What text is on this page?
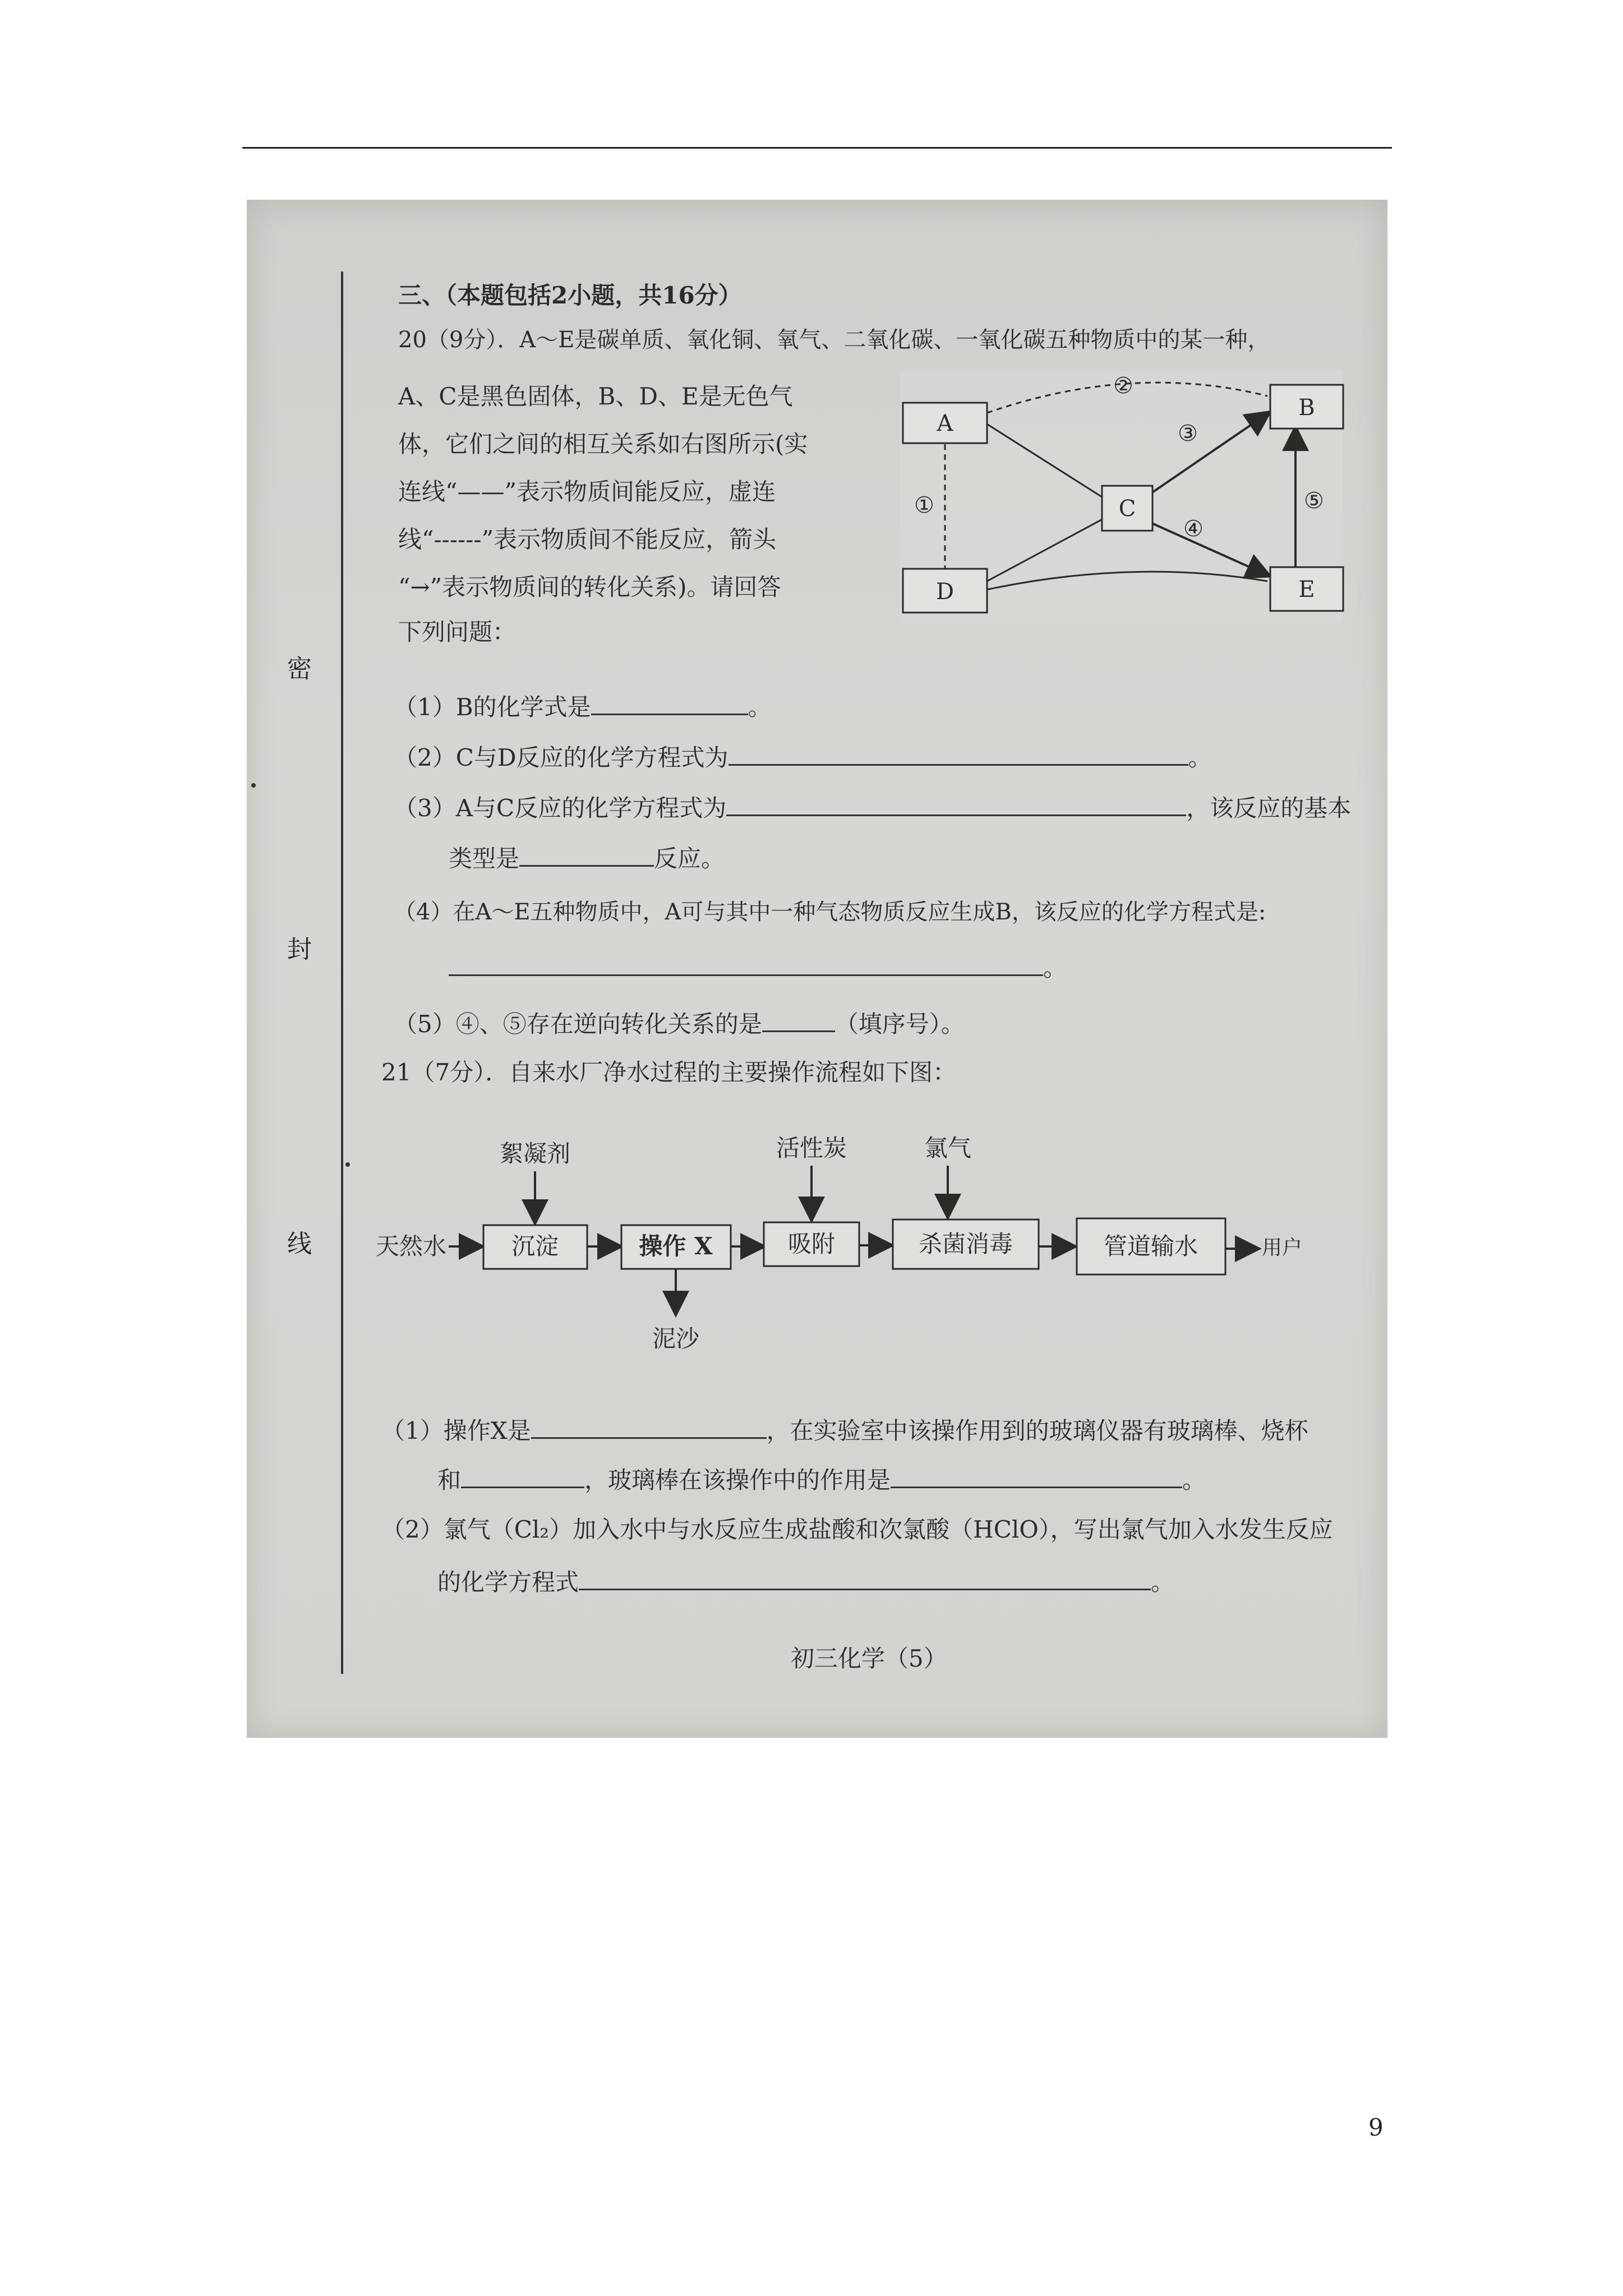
密
封
线
三、（本题包括2小题，共16分）
20（9分）．A～E是碳单质、氧化铜、氧气、二氧化碳、一氧化碳五种物质中的某一种，
A、C是黑色固体，B、D、E是无色气
体，它们之间的相互关系如右图所示(实
连线“——”表示物质间能反应，虚连
线“------”表示物质间不能反应，箭头
“→”表示物质间的转化关系)。请回答
下列问题：
A
B
C
D	E
①
②
③
④
⑤
（1）B的化学式是	。
（2）C与D反应的化学方程式为	。
（3）A与C反应的化学方程式为	，该反应的基本
类型是	反应。
（4）在A～E五种物质中，A可与其中一种气态物质反应生成B，该反应的化学方程式是:
。
（5）④、⑤存在逆向转化关系的是	（填序号）。
21（7分）．自来水厂净水过程的主要操作流程如下图：
天然水	沉淀
絮凝剂
操作 X
泥沙
吸附
活性炭
杀菌消毒
氯气
管道输水	用户
（1）操作X是	，在实验室中该操作用到的玻璃仪器有玻璃棒、烧杯
和	，玻璃棒在该操作中的作用是	。
（2）氯气（Cl₂）加入水中与水反应生成盐酸和次氯酸（HClO），写出氯气加入水发生反应
的化学方程式	。
初三化学（5）
9
